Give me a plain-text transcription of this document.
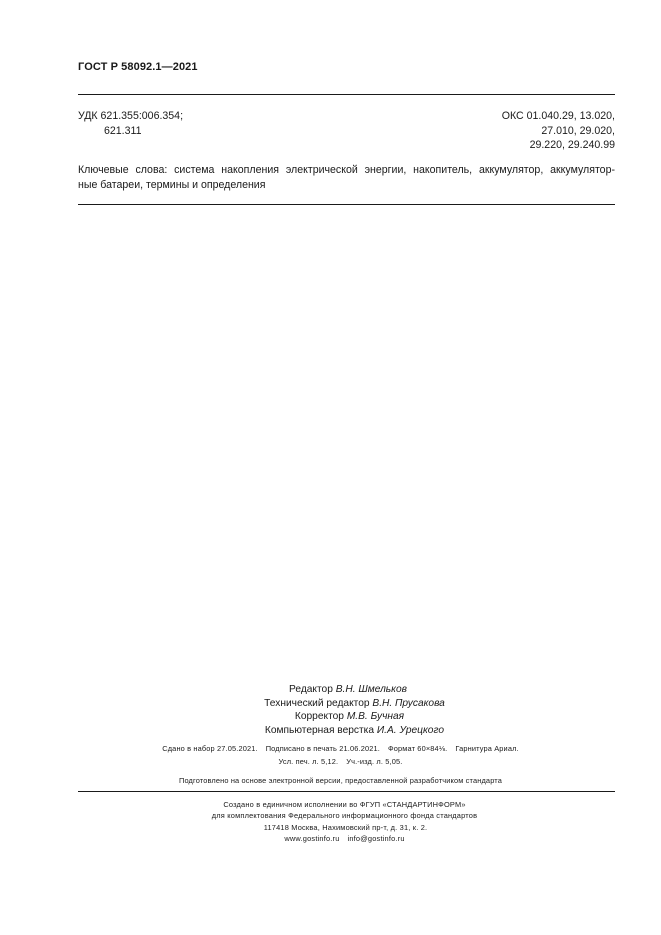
ГОСТ Р 58092.1—2021
УДК 621.355:006.354;
621.311
ОКС 01.040.29, 13.020,
27.010, 29.020,
29.220, 29.240.99
Ключевые слова: система накопления электрической энергии, накопитель, аккумулятор, аккумулятор-
ные батареи, термины и определения
Редактор В.Н. Шмельков
Технический редактор В.Н. Прусакова
Корректор М.В. Бучная
Компьютерная верстка И.А. Урецкого
Сдано в набор 27.05.2021. Подписано в печать 21.06.2021. Формат 60×84⅛. Гарнитура Ариал.
Усл. печ. л. 5,12. Уч.-изд. л. 5,05.
Подготовлено на основе электронной версии, предоставленной разработчиком стандарта
Создано в единичном исполнении во ФГУП «СТАНДАРТИНФОРМ»
для комплектования Федерального информационного фонда стандартов
117418 Москва, Нахимовский пр-т, д. 31, к. 2.
www.gostinfo.ru info@gostinfo.ru
